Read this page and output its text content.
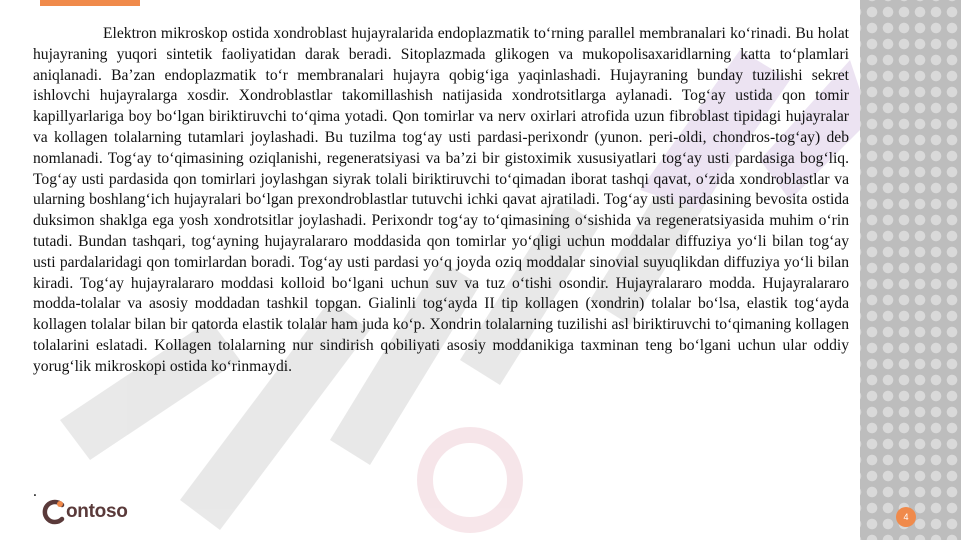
Elektron mikroskop ostida xondroblast hujayralarida endoplazmatik to‘rning parallel membranalari ko‘rinadi. Bu holat hujayraning yuqori sintetik faoliyatidan darak beradi. Sitoplazmada glikogen va mukopolisaxaridlarning katta to‘plamlari aniqlanadi. Ba’zan endoplazmatik to‘r membranalari hujayra qobig‘iga yaqinlashadi. Hujayraning bunday tuzilishi sekret ishlovchi hujayralarga xosdir. Xondroblastlar takomillashish natijasida xondrotsitlarga aylanadi. Tog‘ay ustida qon tomir kapillyarlariga boy bo‘lgan biriktiruvchi to‘qima yotadi. Qon tomirlar va nerv oxirlari atrofida uzun fibroblast tipidagi hujayralar va kollagen tolalarning tutamlari joylashadi. Bu tuzilma tog‘ay usti pardasi-perixondr (yunon. peri-oldi, chondros-tog‘ay) deb nomlanadi. Tog‘ay to‘qimasining oziqlanishi, regeneratsiyasi va ba’zi bir gistoximik xususiyatlari tog‘ay usti pardasiga bog‘liq. Tog‘ay usti pardasida qon tomirlari joylashgan siyrak tolali biriktiruvchi to‘qimadan iborat tashqi qavat, o‘zida xondroblastlar va ularning boshlang‘ich hujayralari bo‘lgan prexondroblastlar tutuvchi ichki qavat ajratiladi. Tog‘ay usti pardasining bevosita ostida duksimon shaklga ega yosh xondrotsitlar joylashadi. Perixondr tog‘ay to‘qimasining o‘sishida va regeneratsiyasida muhim o‘rin tutadi. Bundan tashqari, tog‘ayning hujayralararo moddasida qon tomirlar yo‘qligi uchun moddalar diffuziya yo‘li bilan tog‘ay usti pardalaridagi qon tomirlardan boradi. Tog‘ay usti pardasi yo‘q joyda oziq moddalar sinovial suyuqlikdan diffuziya yo‘li bilan kiradi. Tog‘ay hujayralararo moddasi kolloid bo‘lgani uchun suv va tuz o‘tishi osondir. Hujayralararo modda. Hujayralararo modda-tolalar va asosiy moddadan tashkil topgan. Gialinli tog‘ayda II tip kollagen (xondrin) tolalar bo‘lsa, elastik tog‘ayda kollagen tolalar bilan bir qatorda elastik tolalar ham juda ko‘p. Xondrin tolalarning tuzilishi asl biriktiruvchi to‘qimaning kollagen tolalarini eslatadi. Kollagen tolalarning nur sindirish qobiliyati asosiy moddanikiga taxminan teng bo‘lgani uchun ular oddiy yorug‘lik mikroskopi ostida ko‘rinmaydi.

.
ontoso	4
